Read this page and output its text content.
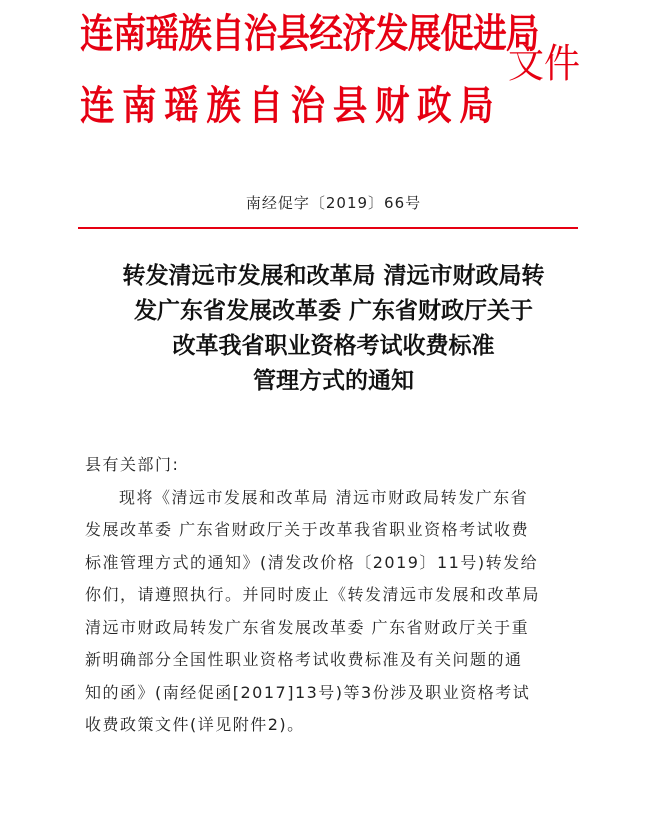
连南瑶族自治县经济发展促进局
连南瑶族自治县财政局
文件
南经促字〔2019〕66号
转发清远市发展和改革局 清远市财政局转
发广东省发展改革委 广东省财政厅关于
改革我省职业资格考试收费标准
管理方式的通知
县有关部门:
现将《清远市发展和改革局 清远市财政局转发广东省
发展改革委 广东省财政厅关于改革我省职业资格考试收费
标准管理方式的通知》(清发改价格〔2019〕11号)转发给
你们，请遵照执行。并同时废止《转发清远市发展和改革局
清远市财政局转发广东省发展改革委 广东省财政厅关于重
新明确部分全国性职业资格考试收费标准及有关问题的通
知的函》(南经促函[2017]13号)等3份涉及职业资格考试
收费政策文件(详见附件2)。
